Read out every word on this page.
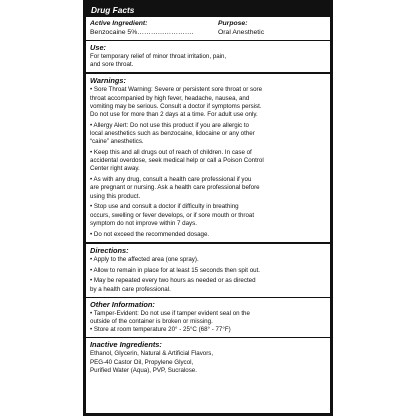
Drug Facts
Active Ingredient:	Purpose:
Benzocaine 5%…………………….	Oral Anesthetic
Use:
For temporary relief of minor throat irritation, pain,
and sore throat.
Warnings:
• Sore Throat Warning: Severe or persistent sore throat or sore
throat accompanied by high fever, headache, nausea, and
vomiting may be serious. Consult a doctor if symptoms persist.
Do not use for more than 2 days at a time. For adult use only.
• Allergy Alert: Do not use this product if you are allergic to
local anesthetics such as benzocaine, lidocaine or any other
“caine” anesthetics.
• Keep this and all drugs out of reach of children. In case of
accidental overdose, seek medical help or call a Poison Control
Center right away.
• As with any drug, consult a health care professional if you
are pregnant or nursing. Ask a health care professional before
using this product.
• Stop use and consult a doctor if difficulty in breathing
occurs, swelling or fever develops, or if sore mouth or throat
symptom do not improve within 7 days.
• Do not exceed the recommended dosage.
Directions:
• Apply to the affected area (one spray).
• Allow to remain in place for at least 15 seconds then spit out.
• May be repeated every two hours as needed or as directed
by a health care professional.
Other Information:
• Tamper-Evident: Do not use if tamper evident seal on the
outside of the container is broken or missing.
• Store at room temperature 20° - 25°C (68° - 77°F)
Inactive Ingredients:
Ethanol, Glycerin, Natural & Artificial Flavors,
PEG-40 Castor Oil, Propylene Glycol,
Purified Water (Aqua), PVP, Sucralose.
